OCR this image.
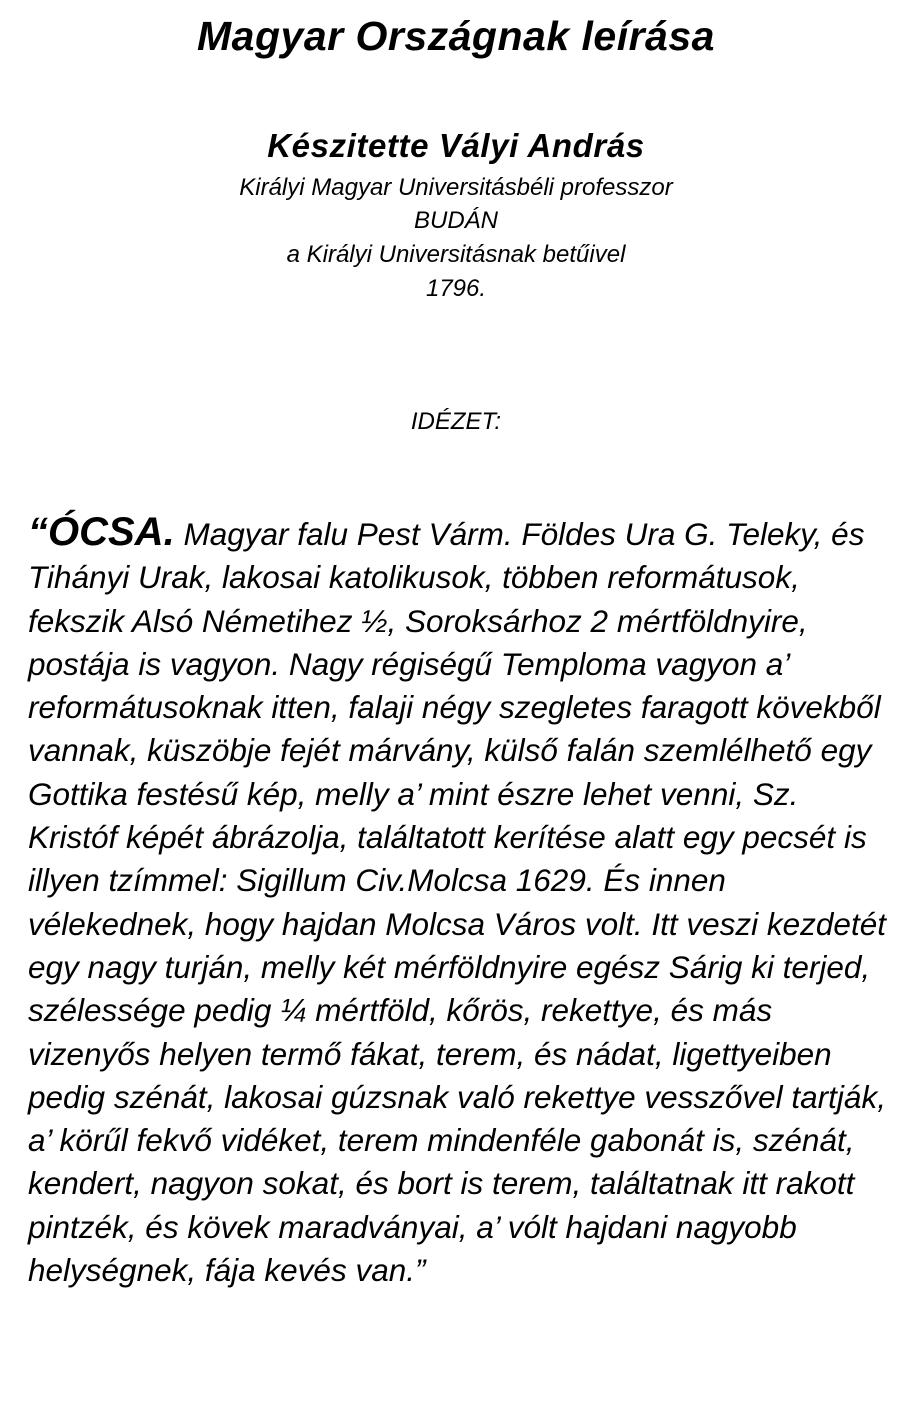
Magyar Országnak leírása
Készitette Vályi András

Királyi Magyar Universitásbéli professzor

BUDÁN

a Királyi Universitásnak betűivel

1796.

IDÉZET:

“ÓCSA. Magyar falu Pest Várm. Földes Ura G. Teleky, és Tihányi Urak, lakosai katolikusok, többen reformátusok, fekszik Alsó Németihez ½, Soroksárhoz 2 mértföldnyire, postája is vagyon. Nagy régiségű Temploma vagyon a’ reformátusoknak itten, falaji négy szegletes faragott kövekből vannak, küszöbje fejét márvány, külső falán szemlélhető egy Gottika festésű kép, melly a’ mint észre lehet venni, Sz. Kristóf képét ábrázolja, találtatott kerítése alatt egy pecsét is illyen tzímmel: Sigillum Civ.Molcsa 1629. És innen vélekednek, hogy hajdan Molcsa Város volt. Itt veszi kezdetét egy nagy turján, melly két mérföldnyire egész Sárig ki terjed, szélessége pedig ¼ mértföld, kőrös, rekettye, és más vizenyős helyen termő fákat, terem, és nádat, ligettyeiben pedig szénát, lakosai gúzsnak való rekettye vesszővel tartják, a’ körűl fekvő vidéket, terem mindenféle gabonát is, szénát, kendert, nagyon sokat, és bort is terem, találtatnak itt rakott pintzék, és kövek maradványai, a’ vólt hajdani nagyobb helységnek, fája kevés van.”
